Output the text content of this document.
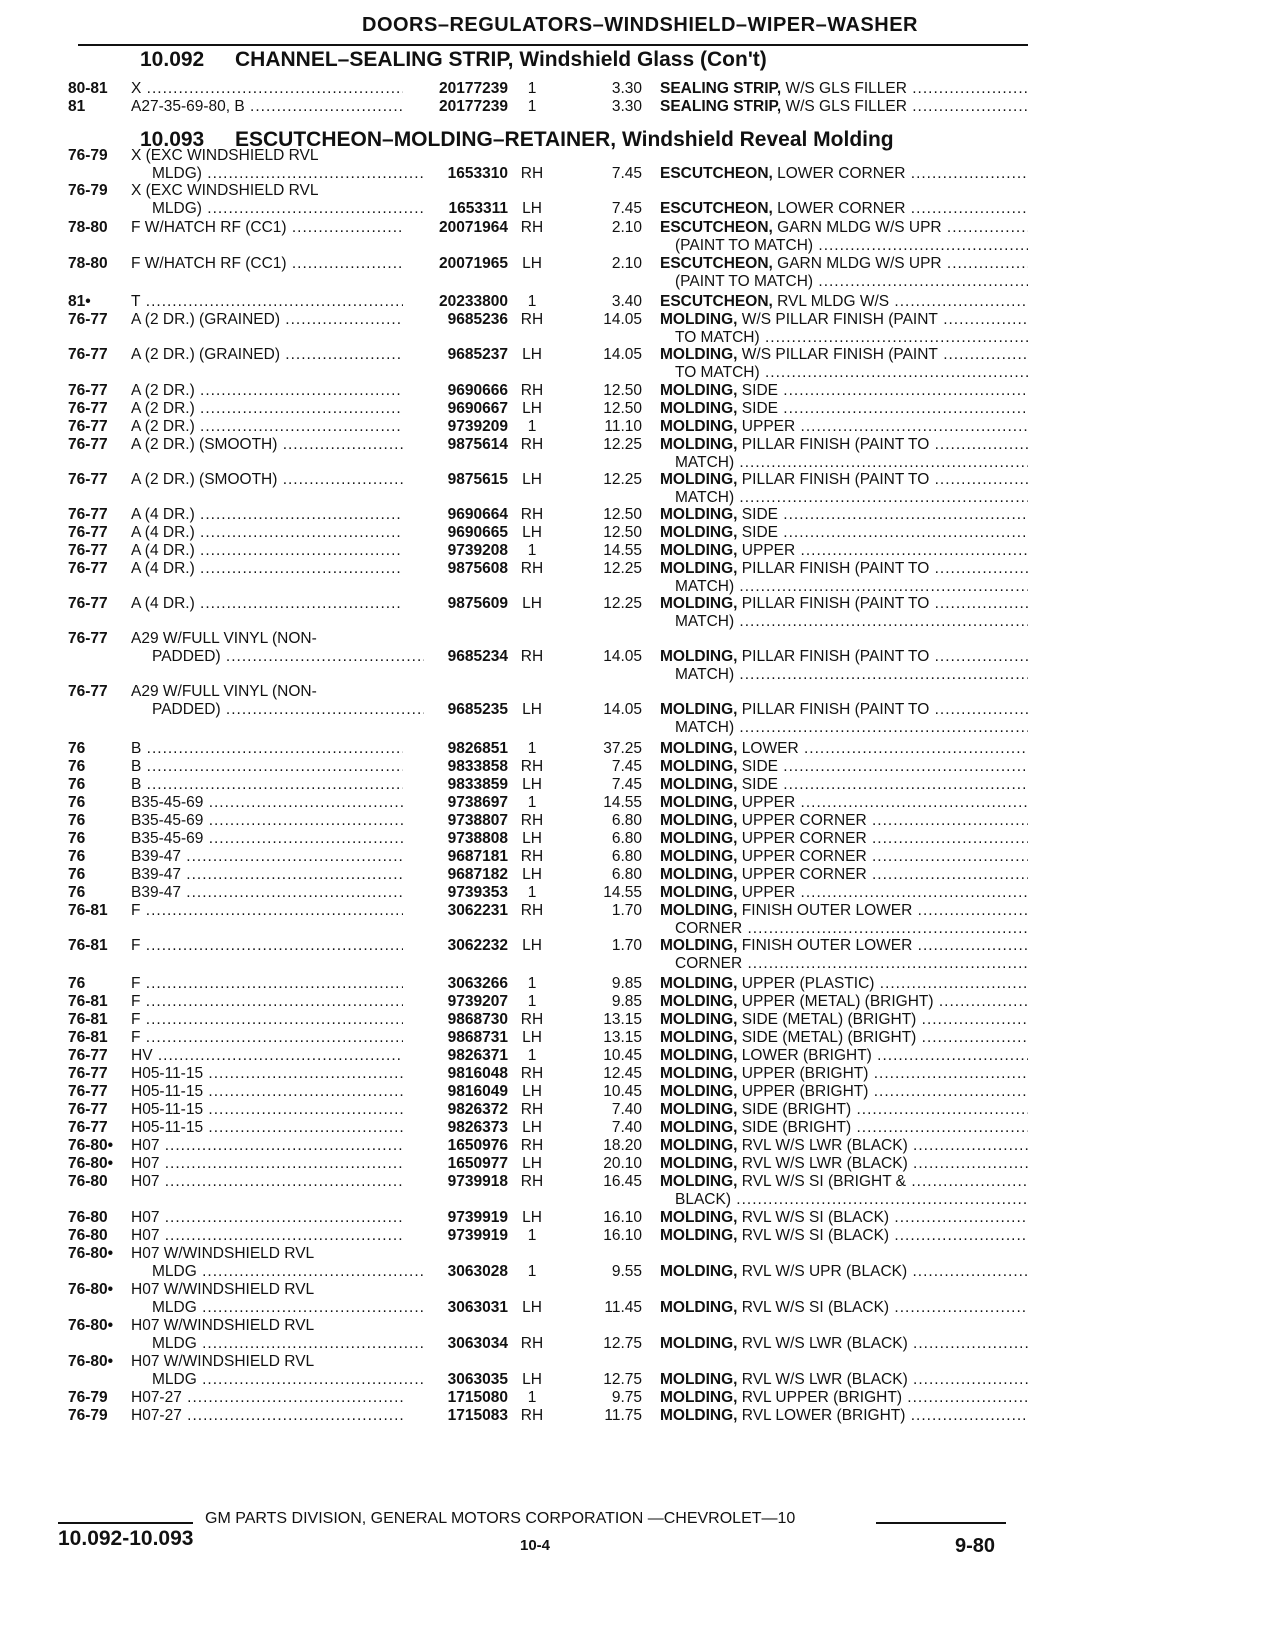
DOORS–REGULATORS–WINDSHIELD–WIPER–WASHER
10.092 CHANNEL–SEALING STRIP, Windshield Glass (Con't)
10.093 ESCUTCHEON–MOLDING–RETAINER, Windshield Reveal Molding
80-81	X .....	20177239	1	3.30 SEALING STRIP, W/S GLS FILLER .....
81	A27-35-69-80, B .....	20177239	1	3.30 SEALING STRIP, W/S GLS FILLER .....
76-79	X (EXC WINDSHIELD RVL
MLDG) .....	1653310 RH	7.45 ESCUTCHEON, LOWER CORNER .....
76-79	X (EXC WINDSHIELD RVL
MLDG) .....	1653311 LH	7.45 ESCUTCHEON, LOWER CORNER .....
78-80	F W/HATCH RF (CC1) .....	20071964 RH	2.10 ESCUTCHEON, GARN MLDG W/S UPR .....
(PAINT TO MATCH) .....
78-80	F W/HATCH RF (CC1) .....	20071965 LH	2.10 ESCUTCHEON, GARN MLDG W/S UPR .....
(PAINT TO MATCH) .....
81•	T .....	20233800	1	3.40 ESCUTCHEON, RVL MLDG W/S .....
76-77	A (2 DR.) (GRAINED) .....	9685236 RH	14.05 MOLDING, W/S PILLAR FINISH (PAINT .....
TO MATCH) .....
76-77	A (2 DR.) (GRAINED) .....	9685237 LH	14.05 MOLDING, W/S PILLAR FINISH (PAINT .....
TO MATCH) .....
76-77	A (2 DR.) .....	9690666 RH	12.50 MOLDING, SIDE .....
76-77	A (2 DR.) .....	9690667 LH	12.50 MOLDING, SIDE .....
76-77	A (2 DR.) .....	9739209	1	11.10 MOLDING, UPPER .....
76-77	A (2 DR.) (SMOOTH) .....	9875614 RH	12.25 MOLDING, PILLAR FINISH (PAINT TO .....
MATCH) .....
76-77	A (2 DR.) (SMOOTH) .....	9875615 LH	12.25 MOLDING, PILLAR FINISH (PAINT TO .....
MATCH) .....
76-77	A (4 DR.) .....	9690664 RH	12.50 MOLDING, SIDE .....
76-77	A (4 DR.) .....	9690665 LH	12.50 MOLDING, SIDE .....
76-77	A (4 DR.) .....	9739208	1	14.55 MOLDING, UPPER .....
76-77	A (4 DR.) .....	9875608 RH	12.25 MOLDING, PILLAR FINISH (PAINT TO .....
MATCH) .....
76-77	A (4 DR.) .....	9875609 LH	12.25 MOLDING, PILLAR FINISH (PAINT TO .....
MATCH) .....
76-77	A29 W/FULL VINYL (NON-
PADDED) .....	9685234 RH	14.05 MOLDING, PILLAR FINISH (PAINT TO .....
MATCH) .....
76-77	A29 W/FULL VINYL (NON-
PADDED) .....	9685235 LH	14.05 MOLDING, PILLAR FINISH (PAINT TO .....
MATCH) .....
76	B .....	9826851	1	37.25 MOLDING, LOWER .....
76	B .....	9833858 RH	7.45 MOLDING, SIDE .....
76	B .....	9833859 LH	7.45 MOLDING, SIDE .....
76	B35-45-69 .....	9738697	1	14.55 MOLDING, UPPER .....
76	B35-45-69 .....	9738807 RH	6.80 MOLDING, UPPER CORNER .....
76	B35-45-69 .....	9738808 LH	6.80 MOLDING, UPPER CORNER .....
76	B39-47 .....	9687181 RH	6.80 MOLDING, UPPER CORNER .....
76	B39-47 .....	9687182 LH	6.80 MOLDING, UPPER CORNER .....
76	B39-47 .....	9739353	1	14.55 MOLDING, UPPER .....
76-81	F .....	3062231 RH	1.70 MOLDING, FINISH OUTER LOWER .....
CORNER .....
76-81	F .....	3062232 LH	1.70 MOLDING, FINISH OUTER LOWER .....
CORNER .....
76	F .....	3063266	1	9.85 MOLDING, UPPER (PLASTIC) .....
76-81	F .....	9739207	1	9.85 MOLDING, UPPER (METAL) (BRIGHT) .....
76-81	F .....	9868730 RH	13.15 MOLDING, SIDE (METAL) (BRIGHT) .....
76-81	F .....	9868731 LH	13.15 MOLDING, SIDE (METAL) (BRIGHT) .....
76-77	HV .....	9826371	1	10.45 MOLDING, LOWER (BRIGHT) .....
76-77	H05-11-15 .....	9816048 RH	12.45 MOLDING, UPPER (BRIGHT) .....
76-77	H05-11-15 .....	9816049 LH	10.45 MOLDING, UPPER (BRIGHT) .....
76-77	H05-11-15 .....	9826372 RH	7.40 MOLDING, SIDE (BRIGHT) .....
76-77	H05-11-15 .....	9826373 LH	7.40 MOLDING, SIDE (BRIGHT) .....
76-80•	H07 .....	1650976 RH	18.20 MOLDING, RVL W/S LWR (BLACK) .....
76-80•	H07 .....	1650977 LH	20.10 MOLDING, RVL W/S LWR (BLACK) .....
76-80	H07 .....	9739918 RH	16.45 MOLDING, RVL W/S SI (BRIGHT & .....
BLACK) .....
76-80	H07 .....	9739919 LH	16.10 MOLDING, RVL W/S SI (BLACK) .....
76-80	H07 .....	9739919	1	16.10 MOLDING, RVL W/S SI (BLACK) .....
76-80•	H07 W/WINDSHIELD RVL
MLDG .....	3063028	1	9.55 MOLDING, RVL W/S UPR (BLACK) .....
76-80•	H07 W/WINDSHIELD RVL
MLDG .....	3063031 LH	11.45 MOLDING, RVL W/S SI (BLACK) .....
76-80•	H07 W/WINDSHIELD RVL
MLDG .....	3063034 RH	12.75 MOLDING, RVL W/S LWR (BLACK) .....
76-80•	H07 W/WINDSHIELD RVL
MLDG .....	3063035 LH	12.75 MOLDING, RVL W/S LWR (BLACK) .....
76-79	H07-27 .....	1715080	1	9.75 MOLDING, RVL UPPER (BRIGHT) .....
76-79	H07-27 .....	1715083 RH	11.75 MOLDING, RVL LOWER (BRIGHT) .....
GM PARTS DIVISION, GENERAL MOTORS CORPORATION —CHEVROLET—10
10.092-10.093	10-4	9-80
